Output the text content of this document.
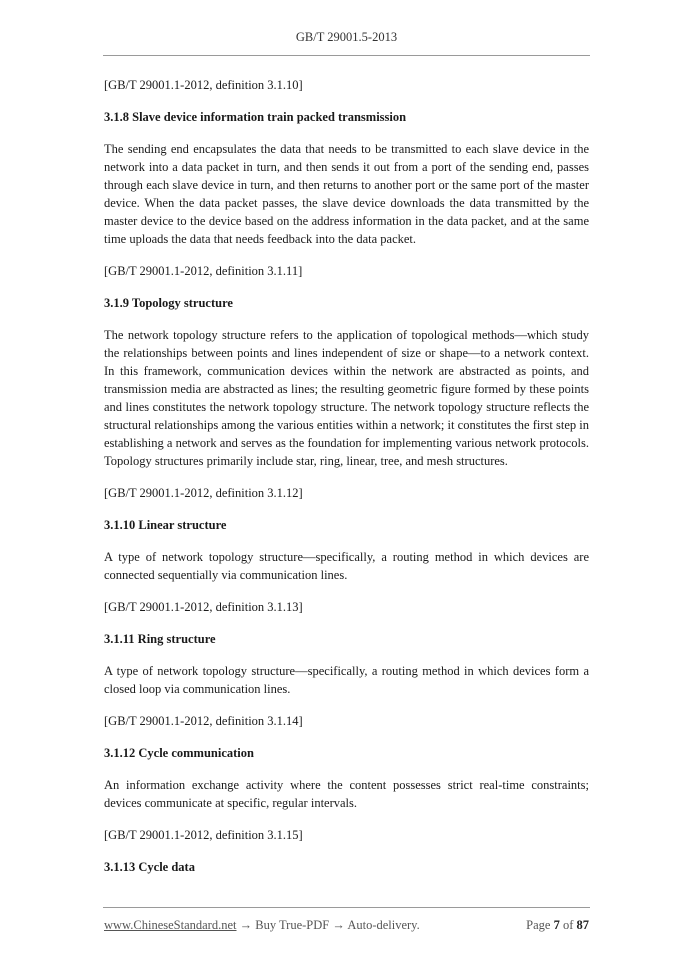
GB/T 29001.5-2013

[GB/T 29001.1-2012, definition 3.1.10]

3.1.8 Slave device information train packed transmission

The sending end encapsulates the data that needs to be transmitted to each slave device in the network into a data packet in turn, and then sends it out from a port of the sending end, passes through each slave device in turn, and then returns to another port or the same port of the master device. When the data packet passes, the slave device downloads the data transmitted by the master device to the device based on the address information in the data packet, and at the same time uploads the data that needs feedback into the data packet.

[GB/T 29001.1-2012, definition 3.1.11]

3.1.9 Topology structure

The network topology structure refers to the application of topological methods—which study the relationships between points and lines independent of size or shape—to a network context. In this framework, communication devices within the network are abstracted as points, and transmission media are abstracted as lines; the resulting geometric figure formed by these points and lines constitutes the network topology structure. The network topology structure reflects the structural relationships among the various entities within a network; it constitutes the first step in establishing a network and serves as the foundation for implementing various network protocols. Topology structures primarily include star, ring, linear, tree, and mesh structures.

[GB/T 29001.1-2012, definition 3.1.12]

3.1.10 Linear structure

A type of network topology structure—specifically, a routing method in which devices are connected sequentially via communication lines.

[GB/T 29001.1-2012, definition 3.1.13]

3.1.11 Ring structure

A type of network topology structure—specifically, a routing method in which devices form a closed loop via communication lines.

[GB/T 29001.1-2012, definition 3.1.14]

3.1.12 Cycle communication

An information exchange activity where the content possesses strict real-time constraints; devices communicate at specific, regular intervals.

[GB/T 29001.1-2012, definition 3.1.15]

3.1.13 Cycle data

www.ChineseStandard.net → Buy True-PDF → Auto-delivery.	Page 7 of 87
